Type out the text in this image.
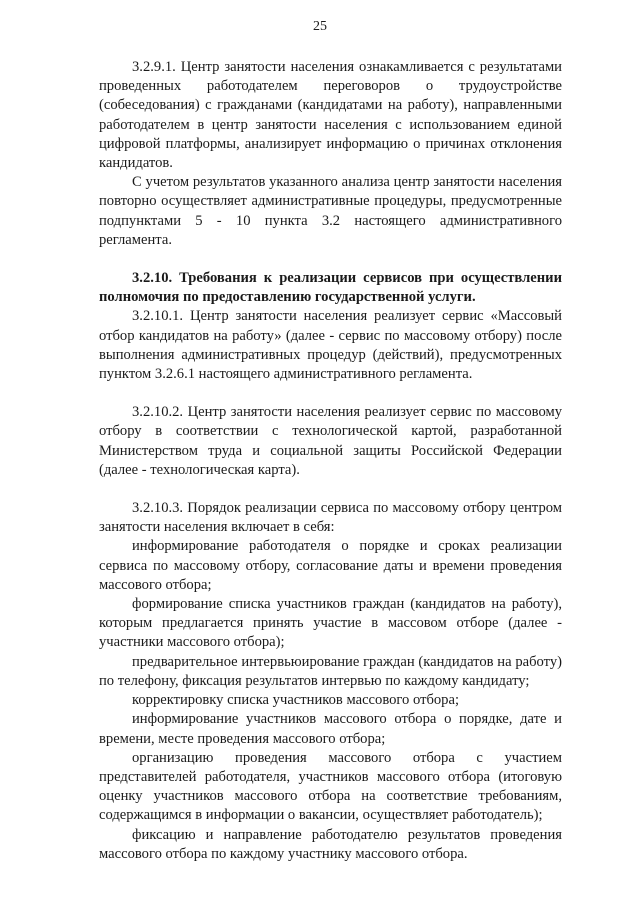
25

3.2.9.1. Центр занятости населения ознакамливается с результатами проведенных работодателем переговоров о трудоустройстве (собеседования) с гражданами (кандидатами на работу), направленными работодателем в центр занятости населения с использованием единой цифровой платформы, анализирует информацию о причинах отклонения кандидатов.

С учетом результатов указанного анализа центр занятости населения повторно осуществляет административные процедуры, предусмотренные подпунктами 5 - 10 пункта 3.2 настоящего административного регламента.

3.2.10. Требования к реализации сервисов при осуществлении полномочия по предоставлению государственной услуги.

3.2.10.1. Центр занятости населения реализует сервис «Массовый отбор кандидатов на работу» (далее - сервис по массовому отбору) после выполнения административных процедур (действий), предусмотренных пунктом 3.2.6.1 настоящего административного регламента.

3.2.10.2. Центр занятости населения реализует сервис по массовому отбору в соответствии с технологической картой, разработанной Министерством труда и социальной защиты Российской Федерации (далее - технологическая карта).

3.2.10.3. Порядок реализации сервиса по массовому отбору центром занятости населения включает в себя:

информирование работодателя о порядке и сроках реализации сервиса по массовому отбору, согласование даты и времени проведения массового отбора;

формирование списка участников граждан (кандидатов на работу), которым предлагается принять участие в массовом отборе (далее - участники массового отбора);

предварительное интервьюирование граждан (кандидатов на работу) по телефону, фиксация результатов интервью по каждому кандидату;

корректировку списка участников массового отбора;

информирование участников массового отбора о порядке, дате и времени, месте проведения массового отбора;

организацию проведения массового отбора с участием представителей работодателя, участников массового отбора (итоговую оценку участников массового отбора на соответствие требованиям, содержащимся в информации о вакансии, осуществляет работодатель);

фиксацию и направление работодателю результатов проведения массового отбора по каждому участнику массового отбора.
